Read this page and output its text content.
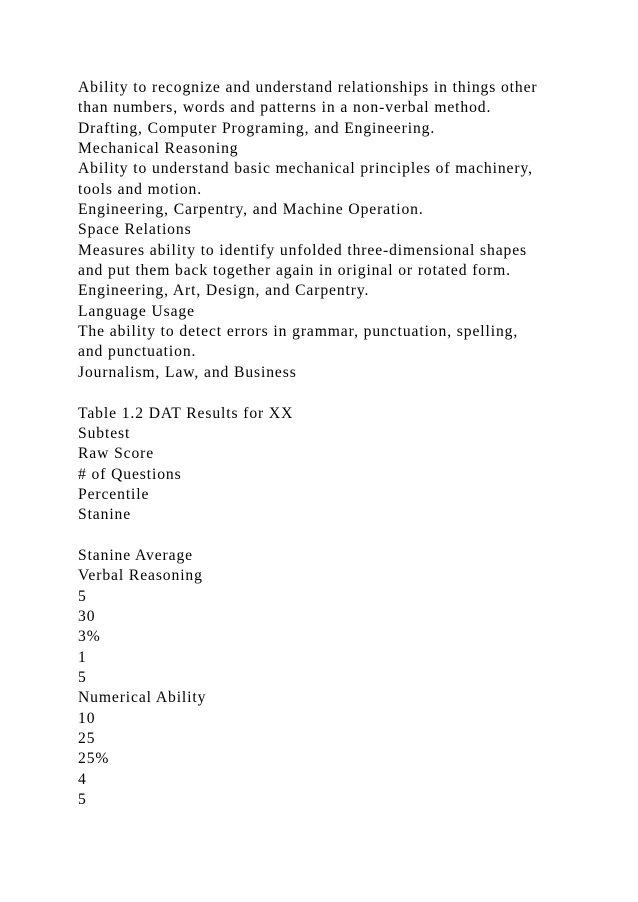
Ability to recognize and understand relationships in things other
than numbers, words and patterns in a non-verbal method.
Drafting, Computer Programing, and Engineering.
Mechanical Reasoning
Ability to understand basic mechanical principles of machinery,
tools and motion.
Engineering, Carpentry, and Machine Operation.
Space Relations
Measures ability to identify unfolded three-dimensional shapes
and put them back together again in original or rotated form.
Engineering, Art, Design, and Carpentry.
Language Usage
The ability to detect errors in grammar, punctuation, spelling,
and punctuation.
Journalism, Law, and Business
Table 1.2 DAT Results for XX
Subtest
Raw Score
# of Questions
Percentile
Stanine
Stanine Average
Verbal Reasoning
5
30
3%
1
5
Numerical Ability
10
25
25%
4
5
